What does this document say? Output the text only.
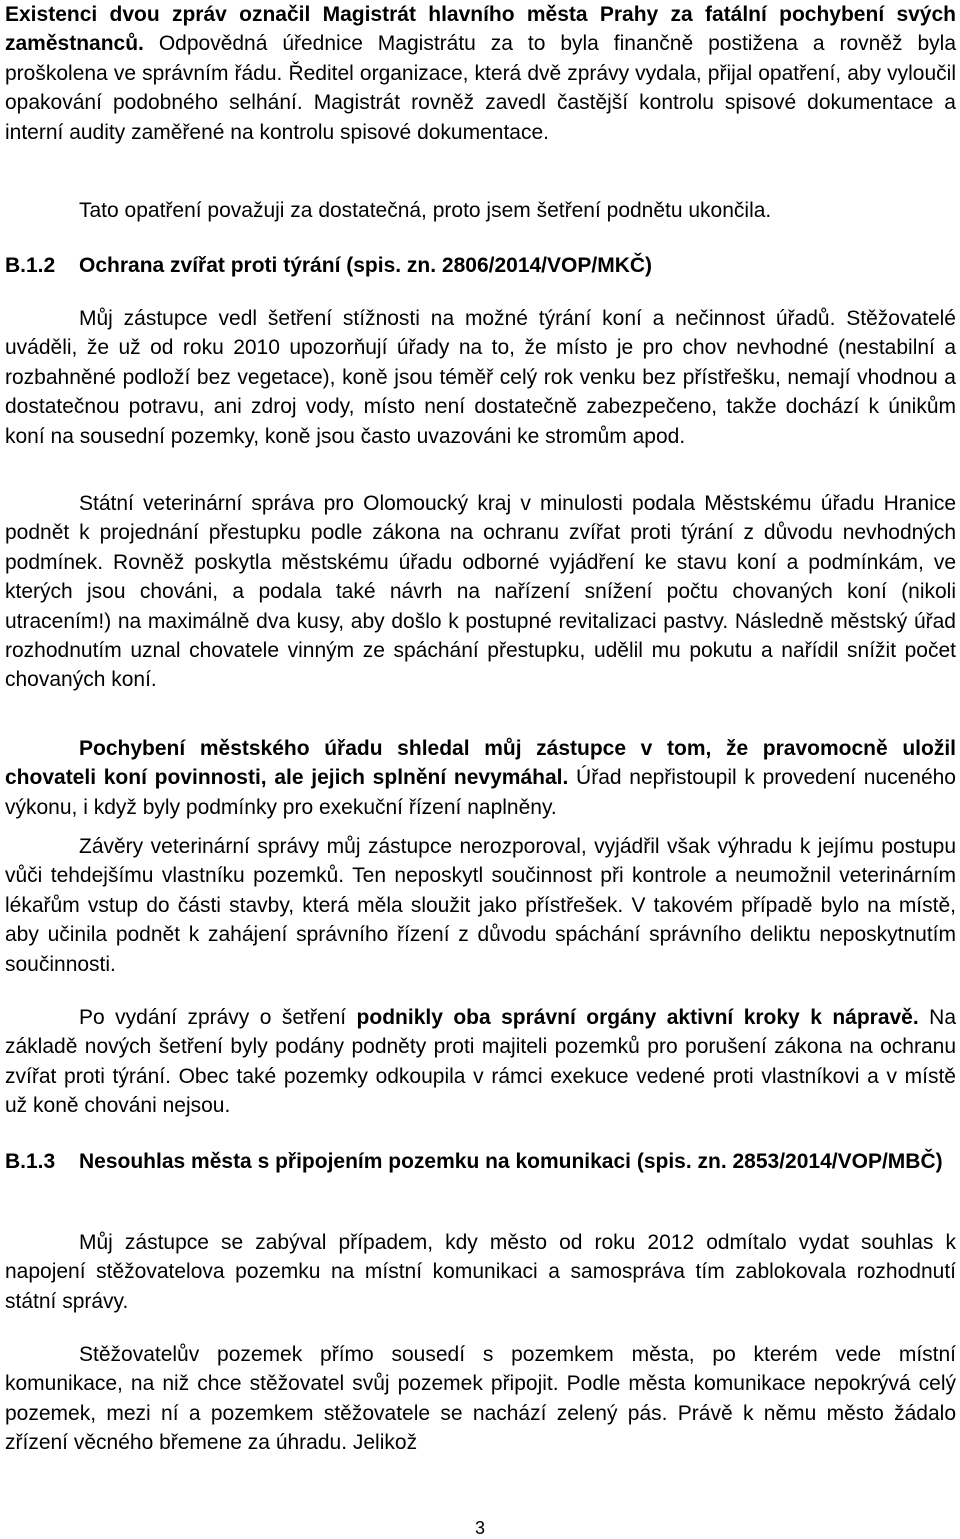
Existenci dvou zpráv označil Magistrát hlavního města Prahy za fatální pochybení svých zaměstnanců. Odpovědná úřednice Magistrátu za to byla finančně postižena a rovněž byla proškolena ve správním řádu. Ředitel organizace, která dvě zprávy vydala, přijal opatření, aby vyloučil opakování podobného selhání. Magistrát rovněž zavedl častější kontrolu spisové dokumentace a interní audity zaměřené na kontrolu spisové dokumentace.

Tato opatření považuji za dostatečná, proto jsem šetření podnětu ukončila.

B.1.2 Ochrana zvířat proti týrání (spis. zn. 2806/2014/VOP/MKČ)

Můj zástupce vedl šetření stížnosti na možné týrání koní a nečinnost úřadů. Stěžovatelé uváděli, že už od roku 2010 upozorňují úřady na to, že místo je pro chov nevhodné (nestabilní a rozbahněné podloží bez vegetace), koně jsou téměř celý rok venku bez přístřešku, nemají vhodnou a dostatečnou potravu, ani zdroj vody, místo není dostatečně zabezpečeno, takže dochází k únikům koní na sousední pozemky, koně jsou často uvazováni ke stromům apod.

Státní veterinární správa pro Olomoucký kraj v minulosti podala Městskému úřadu Hranice podnět k projednání přestupku podle zákona na ochranu zvířat proti týrání z důvodu nevhodných podmínek. Rovněž poskytla městskému úřadu odborné vyjádření ke stavu koní a podmínkám, ve kterých jsou chováni, a podala také návrh na nařízení snížení počtu chovaných koní (nikoli utracením!) na maximálně dva kusy, aby došlo k postupné revitalizaci pastvy. Následně městský úřad rozhodnutím uznal chovatele vinným ze spáchání přestupku, udělil mu pokutu a nařídil snížit počet chovaných koní.

Pochybení městského úřadu shledal můj zástupce v tom, že pravomocně uložil chovateli koní povinnosti, ale jejich splnění nevymáhal. Úřad nepřistoupil k provedení nuceného výkonu, i když byly podmínky pro exekuční řízení naplněny.

Závěry veterinární správy můj zástupce nerozporoval, vyjádřil však výhradu k jejímu postupu vůči tehdejšímu vlastníku pozemků. Ten neposkytl součinnost při kontrole a neumožnil veterinárním lékařům vstup do části stavby, která měla sloužit jako přístřešek. V takovém případě bylo na místě, aby učinila podnět k zahájení správního řízení z důvodu spáchání správního deliktu neposkytnutím součinnosti.

Po vydání zprávy o šetření podnikly oba správní orgány aktivní kroky k nápravě. Na základě nových šetření byly podány podněty proti majiteli pozemků pro porušení zákona na ochranu zvířat proti týrání. Obec také pozemky odkoupila v rámci exekuce vedené proti vlastníkovi a v místě už koně chováni nejsou.

B.1.3	Nesouhlas města s připojením pozemku na komunikaci (spis. zn. 2853/2014/VOP/MBČ)

Můj zástupce se zabýval případem, kdy město od roku 2012 odmítalo vydat souhlas k napojení stěžovatelova pozemku na místní komunikaci a samospráva tím zablokovala rozhodnutí státní správy.

Stěžovatelův pozemek přímo sousedí s pozemkem města, po kterém vede místní komunikace, na niž chce stěžovatel svůj pozemek připojit. Podle města komunikace nepokrývá celý pozemek, mezi ní a pozemkem stěžovatele se nachází zelený pás. Právě k němu město žádalo zřízení věcného břemene za úhradu. Jelikož

3
